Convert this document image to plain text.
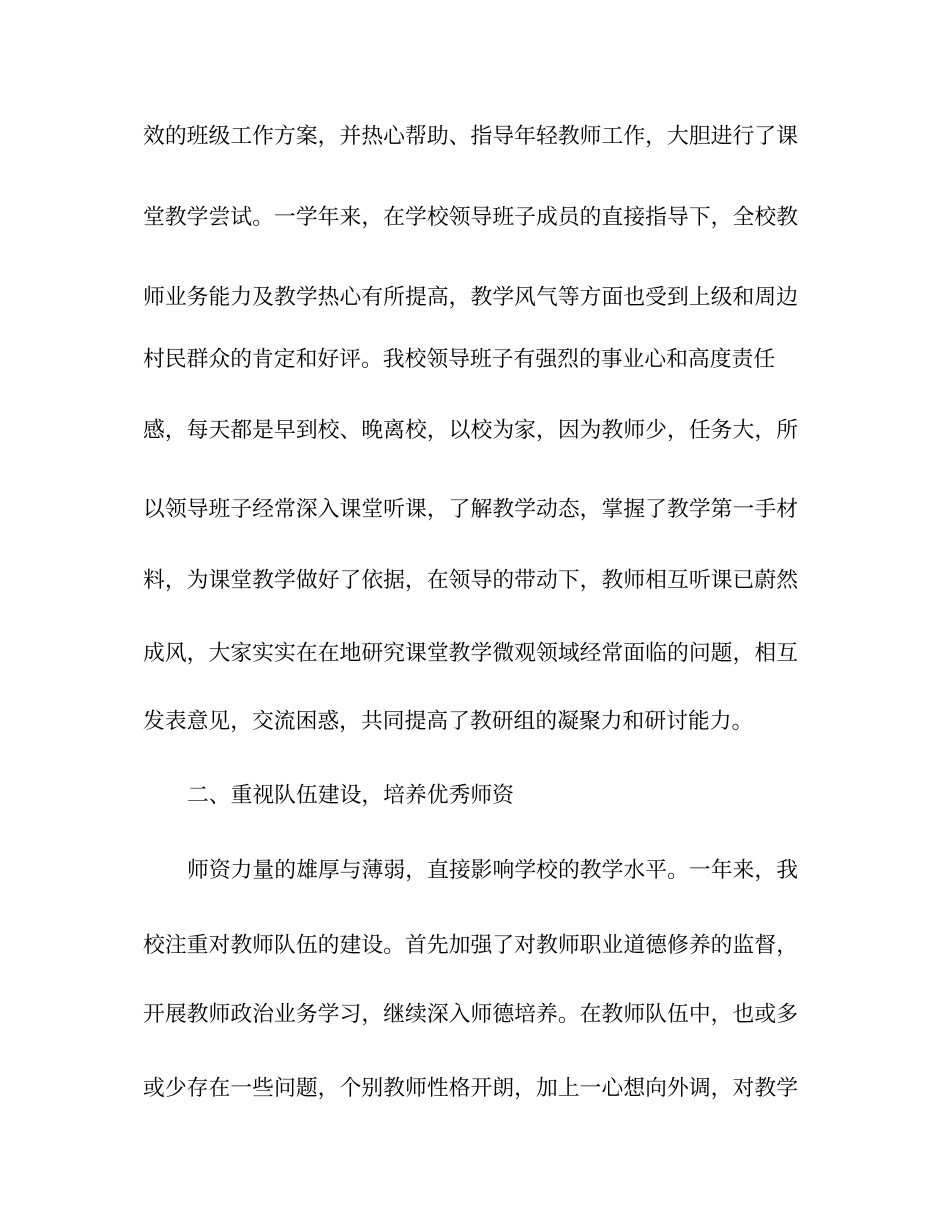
效的班级工作方案，并热心帮助、指导年轻教师工作，大胆进行了课
堂教学尝试。一学年来，在学校领导班子成员的直接指导下，全校教
师业务能力及教学热心有所提高，教学风气等方面也受到上级和周边
村民群众的肯定和好评。我校领导班子有强烈的事业心和高度责任
感，每天都是早到校、晚离校，以校为家，因为教师少，任务大，所
以领导班子经常深入课堂听课，了解教学动态，掌握了教学第一手材
料，为课堂教学做好了依据，在领导的带动下，教师相互听课已蔚然
成风，大家实实在在地研究课堂教学微观领域经常面临的问题，相互
发表意见，交流困惑，共同提高了教研组的凝聚力和研讨能力。
二、重视队伍建设，培养优秀师资
师资力量的雄厚与薄弱，直接影响学校的教学水平。一年来，我
校注重对教师队伍的建设。首先加强了对教师职业道德修养的监督，
开展教师政治业务学习，继续深入师德培养。在教师队伍中，也或多
或少存在一些问题，个别教师性格开朗，加上一心想向外调，对教学
